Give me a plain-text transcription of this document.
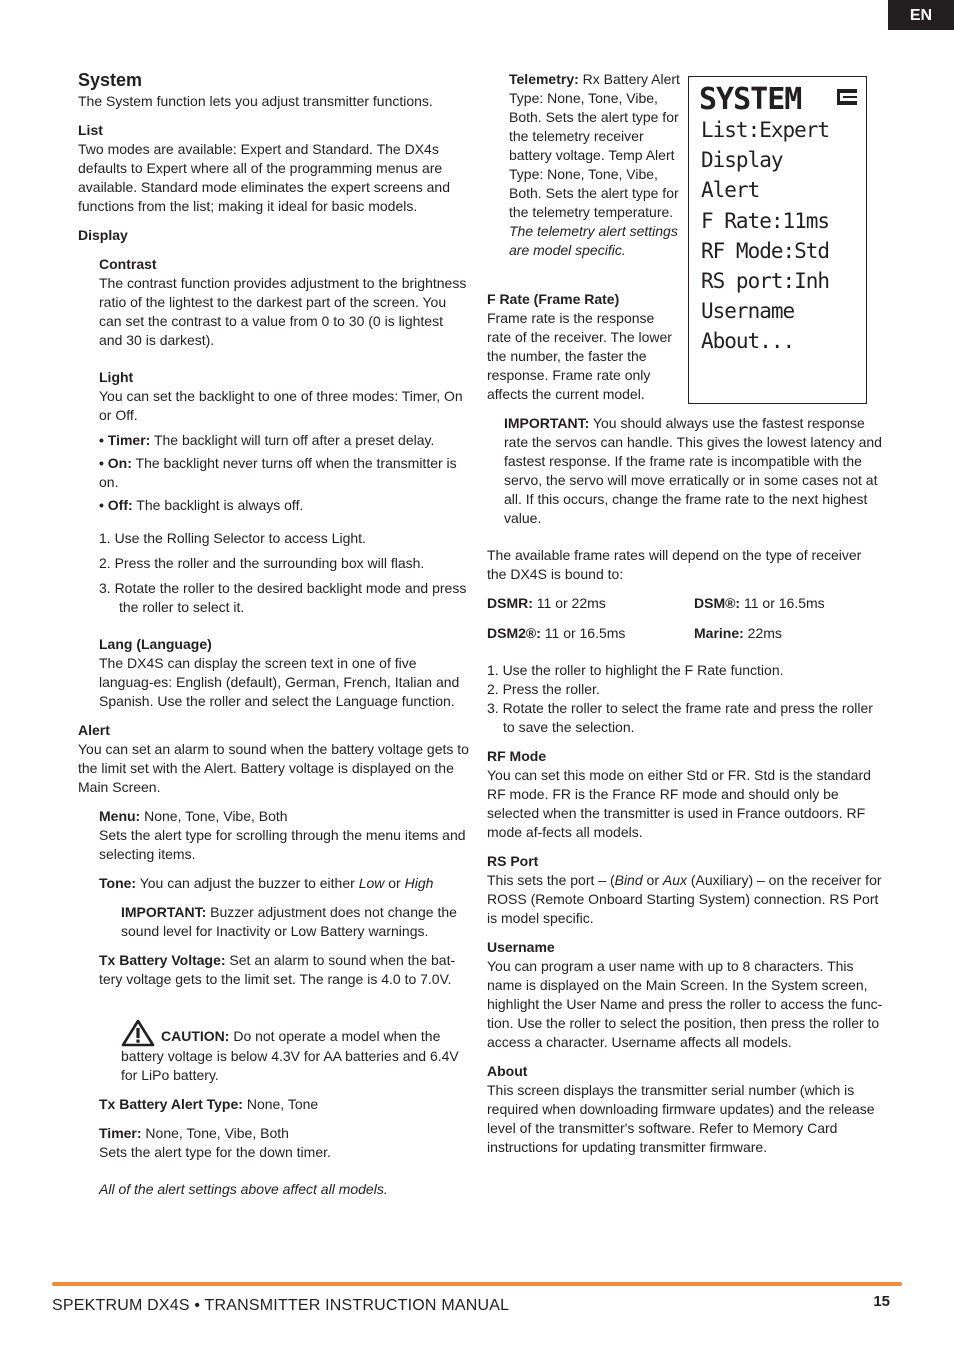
EN

System

The System function lets you adjust transmitter functions.

List

Two modes are available: Expert and Standard. The DX4s defaults to Expert where all of the programming menus are available. Standard mode eliminates the expert screens and functions from the list; making it ideal for basic models.

Display

Contrast

The contrast function provides adjustment to the brightness ratio of the lightest to the darkest part of the screen. You can set the contrast to a value from 0 to 30 (0 is lightest and 30 is darkest).

Light

You can set the backlight to one of three modes: Timer, On or Off.

• Timer: The backlight will turn off after a preset delay.

• On: The backlight never turns off when the transmitter is on.

• Off: The backlight is always off.

1. Use the Rolling Selector to access Light.

2. Press the roller and the surrounding box will flash.

3. Rotate the roller to the desired backlight mode and press the roller to select it.

Lang (Language)

The DX4S can display the screen text in one of five languag-es: English (default), German, French, Italian and Spanish. Use the roller and select the Language function.

Alert

You can set an alarm to sound when the battery voltage gets to the limit set with the Alert. Battery voltage is displayed on the Main Screen.

Menu: None, Tone, Vibe, Both

Sets the alert type for scrolling through the menu items and selecting items.

Tone: You can adjust the buzzer to either Low or High

IMPORTANT: Buzzer adjustment does not change the sound level for Inactivity or Low Battery warnings.

Tx Battery Voltage: Set an alarm to sound when the bat-tery voltage gets to the limit set. The range is 4.0 to 7.0V.

CAUTION: Do not operate a model when the battery voltage is below 4.3V for AA batteries and 6.4V for LiPo battery.

Tx Battery Alert Type: None, Tone

Timer: None, Tone, Vibe, Both

Sets the alert type for the down timer.

All of the alert settings above affect all models.

Telemetry: Rx Battery Alert Type: None, Tone, Vibe, Both. Sets the alert type for the telemetry receiver battery voltage. Temp Alert Type: None, Tone, Vibe, Both. Sets the alert type for the telemetry temperature.

The telemetry alert settings are model specific.

F Rate (Frame Rate)

Frame rate is the response rate of the receiver. The lower the number, the faster the response. Frame rate only affects the current model.

SYSTEM
List:Expert
Display
Alert
F Rate:11ms
RF Mode:Std
RS port:Inh
Username
About...

IMPORTANT: You should always use the fastest response rate the servos can handle. This gives the lowest latency and fastest response. If the frame rate is incompatible with the servo, the servo will move erratically or in some cases not at all. If this occurs, change the frame rate to the next highest value.

The available frame rates will depend on the type of receiver the DX4S is bound to:

DSMR: 11 or 22ms	DSM®: 11 or 16.5ms

DSM2®: 11 or 16.5ms	Marine: 22ms

1. Use the roller to highlight the F Rate function.

2. Press the roller.

3. Rotate the roller to select the frame rate and press the roller to save the selection.

RF Mode

You can set this mode on either Std or FR. Std is the standard RF mode. FR is the France RF mode and should only be selected when the transmitter is used in France outdoors. RF mode af-fects all models.

RS Port

This sets the port – (Bind or Aux (Auxiliary) – on the receiver for ROSS (Remote Onboard Starting System) connection. RS Port is model specific.

Username

You can program a user name with up to 8 characters. This name is displayed on the Main Screen. In the System screen, highlight the User Name and press the roller to access the func-tion. Use the roller to select the position, then press the roller to access a character. Username affects all models.

About

This screen displays the transmitter serial number (which is required when downloading firmware updates) and the release level of the transmitter's software. Refer to Memory Card instructions for updating transmitter firmware.

SPEKTRUM DX4S • TRANSMITTER INSTRUCTION MANUAL	15
